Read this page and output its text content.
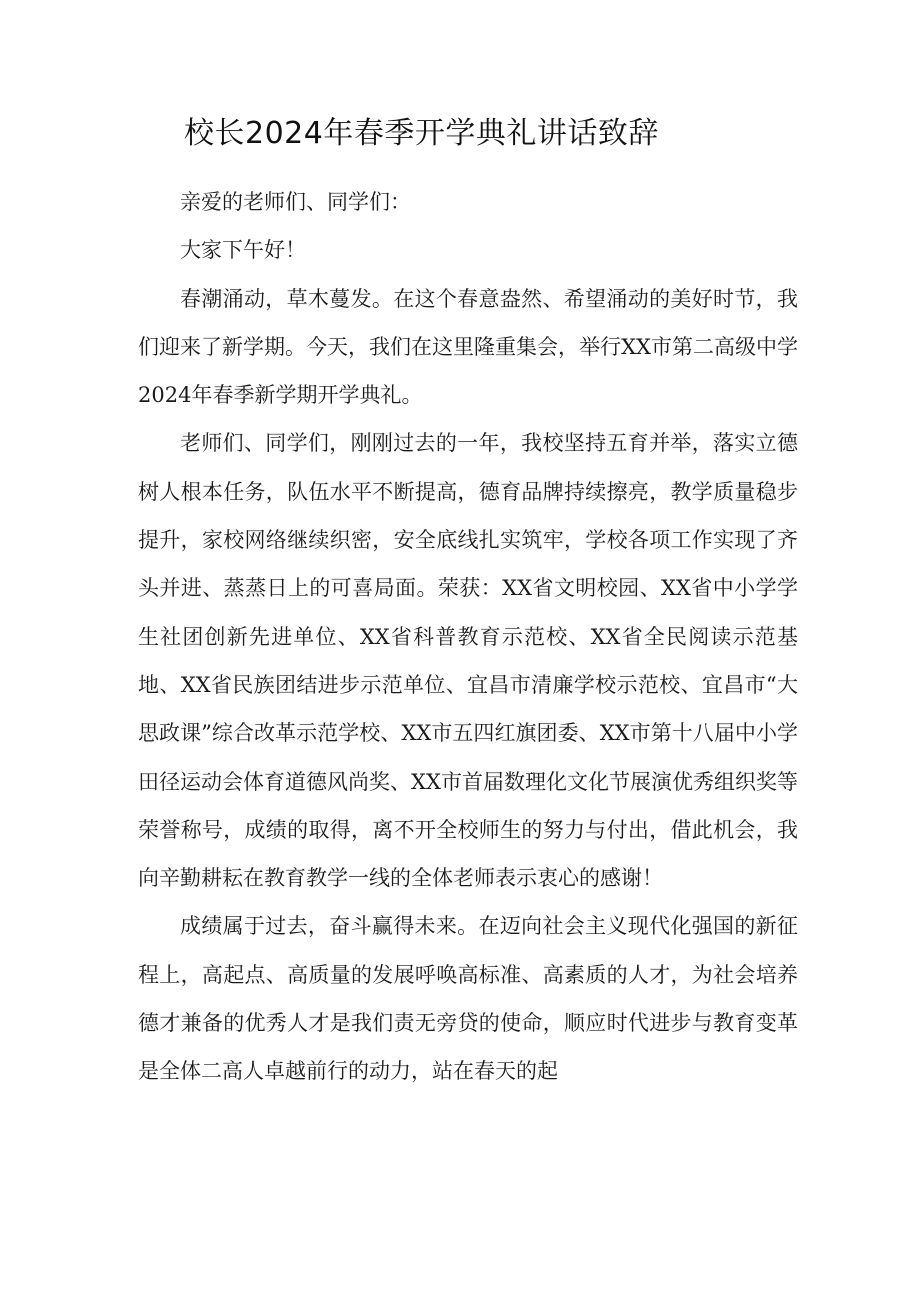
校长2024年春季开学典礼讲话致辞

亲爱的老师们、同学们：

大家下午好！

春潮涌动，草木蔓发。在这个春意盎然、希望涌动的美好时节，我们迎来了新学期。今天，我们在这里隆重集会，举行XX市第二高级中学2024年春季新学期开学典礼。

老师们、同学们，刚刚过去的一年，我校坚持五育并举，落实立德树人根本任务，队伍水平不断提高，德育品牌持续擦亮，教学质量稳步提升，家校网络继续织密，安全底线扎实筑牢，学校各项工作实现了齐头并进、蒸蒸日上的可喜局面。荣获：XX省文明校园、XX省中小学学生社团创新先进单位、XX省科普教育示范校、XX省全民阅读示范基地、XX省民族团结进步示范单位、宜昌市清廉学校示范校、宜昌市“大思政课”综合改革示范学校、XX市五四红旗团委、XX市第十八届中小学田径运动会体育道德风尚奖、XX市首届数理化文化节展演优秀组织奖等荣誉称号，成绩的取得，离不开全校师生的努力与付出，借此机会，我向辛勤耕耘在教育教学一线的全体老师表示衷心的感谢！

成绩属于过去，奋斗赢得未来。在迈向社会主义现代化强国的新征程上，高起点、高质量的发展呼唤高标准、高素质的人才，为社会培养德才兼备的优秀人才是我们责无旁贷的使命，顺应时代进步与教育变革是全体二高人卓越前行的动力，站在春天的起
